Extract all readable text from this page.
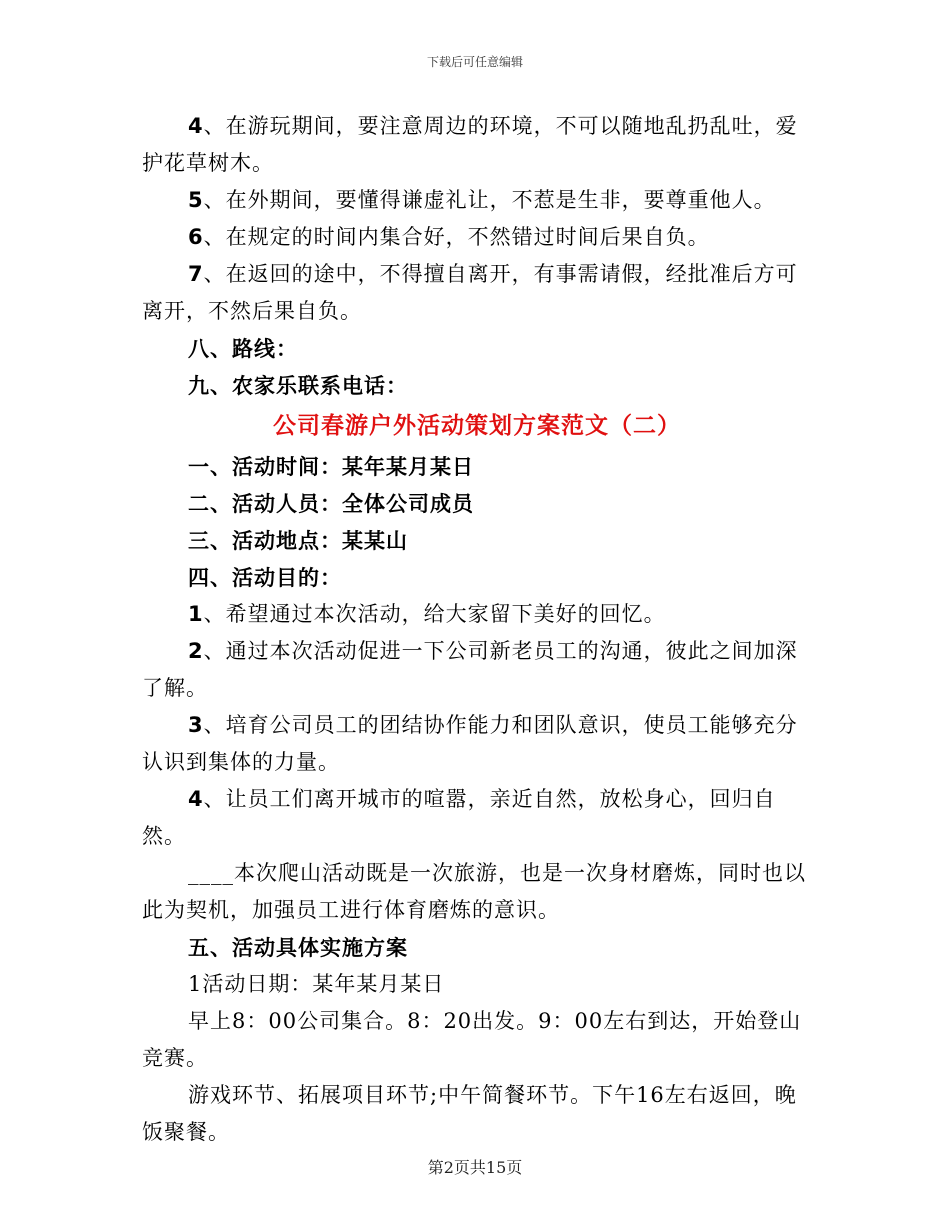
下载后可任意编辑

4、在游玩期间，要注意周边的环境，不可以随地乱扔乱吐，爱护花草树木。

5、在外期间，要懂得谦虚礼让，不惹是生非，要尊重他人。

6、在规定的时间内集合好，不然错过时间后果自负。

7、在返回的途中，不得擅自离开，有事需请假，经批准后方可离开，不然后果自负。

八、路线：

九、农家乐联系电话：

公司春游户外活动策划方案范文（二）

一、活动时间：某年某月某日

二、活动人员：全体公司成员

三、活动地点：某某山

四、活动目的：

1、希望通过本次活动，给大家留下美好的回忆。

2、通过本次活动促进一下公司新老员工的沟通，彼此之间加深了解。

3、培育公司员工的团结协作能力和团队意识，使员工能够充分认识到集体的力量。

4、让员工们离开城市的喧嚣，亲近自然，放松身心，回归自然。

____本次爬山活动既是一次旅游，也是一次身材磨炼，同时也以此为契机，加强员工进行体育磨炼的意识。

五、活动具体实施方案

1活动日期：某年某月某日

早上8：00公司集合。8：20出发。9：00左右到达，开始登山竞赛。

游戏环节、拓展项目环节;中午简餐环节。下午16左右返回，晚饭聚餐。

第2页共15页
